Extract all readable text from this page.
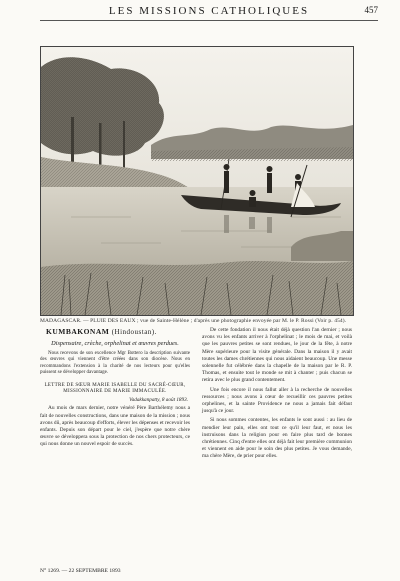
LES MISSIONS CATHOLIQUES	457
MADAGASCAR. — PLUIE DES EAUX ; vue de Sainte-Hélène ; d'après une photographie envoyée par M. le P. Rossi (Voir p. 454).
KUMBAKONAM (Hindoustan).
Dispensaire, crèche, orphelinat et œuvres perdues.

Nous recevons de son excellence Mgr Bottero la description suivante des œuvres qui viennent d'être créées dans son diocèse. Nous en recommandons l'extension à la charité de nos lecteurs pour qu'elles puissent se développer davantage.

LETTRE DE SŒUR MARIE ISABELLE DU SACRÉ-CŒUR, MISSIONNAIRE DE MARIE IMMACULÉE.
Vadakkanpatty, 8 août 1893.

Au mois de mars dernier, notre vénéré Père Barthélemy nous a fait de nouvelles constructions, dans une maison de la mission ; nous avons dû, après beaucoup d'efforts, élever les dépenses et recevoir les enfants. Depuis son départ pour le ciel, j'espère que notre chère œuvre se développera sous la protection de nos chers protecteurs, ce qui nous donne un nouvel espoir de succès.

De cette fondation il nous était déjà question l'an dernier ; nous avons vu les enfants arriver à l'orphelinat ; le mois de mai, et voilà que les pauvres petites se sont rendues, le jour de la fête, à notre Mère supérieure pour la visite générale. Dans la maison il y avait toutes les dames chrétiennes qui nous aidaient beaucoup. Une messe solennelle fut célébrée dans la chapelle de la maison par le R. P. Thomas, et ensuite tout le monde se mit à chanter ; puis chacun se retira avec le plus grand contentement.

Une fois encore il nous fallut aller à la recherche de nouvelles ressources ; nous avons à cœur de recueillir ces pauvres petites orphelines, et la sainte Providence ne nous a jamais fait défaut jusqu'à ce jour.

Si nous sommes contentes, les enfants le sont aussi : au lieu de mendier leur pain, elles ont tout ce qu'il leur faut, et nous les instruisons dans la religion pour en faire plus tard de bonnes chrétiennes. Cinq d'entre elles ont déjà fait leur première communion et viennent en aide pour le soin des plus petites. Je vous demande, ma chère Mère, de prier pour elles.

N° 1269. — 22 SEPTEMBRE 1893
